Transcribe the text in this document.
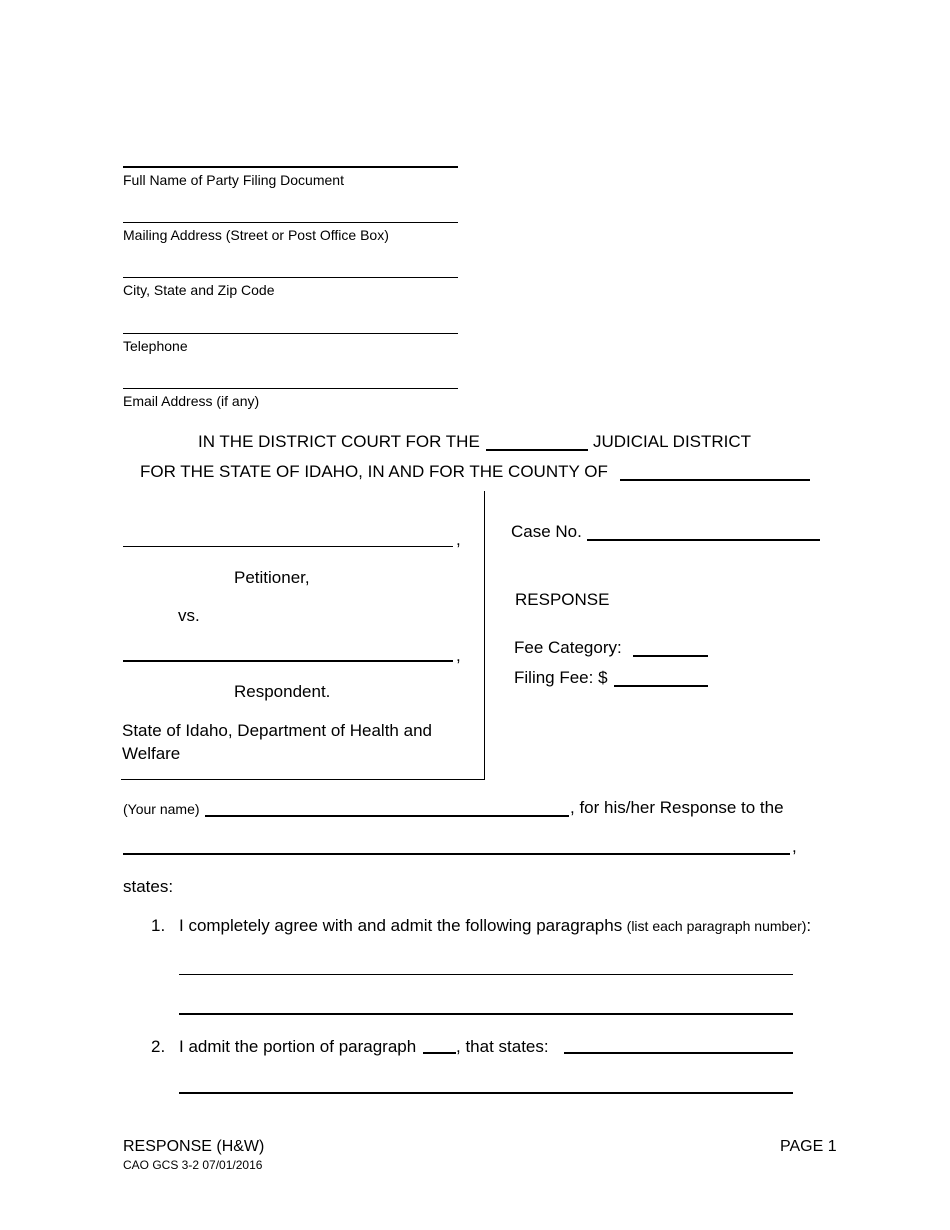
Full Name of Party Filing Document
Mailing Address (Street or Post Office Box)
City, State and Zip Code
Telephone
Email Address (if any)
IN THE DISTRICT COURT FOR THE	JUDICIAL DISTRICT
FOR THE STATE OF IDAHO, IN AND FOR THE COUNTY OF
,
Petitioner,
vs.
,
Respondent.
State of Idaho, Department of Health and Welfare
Case No.
RESPONSE
Fee Category:
Filing Fee: $
(Your name)	, for his/her Response to the
,
states:
1. I completely agree with and admit the following paragraphs (list each paragraph number):
2. I admit the portion of paragraph , that states:
RESPONSE (H&W)
CAO GCS 3-2 07/01/2016
PAGE 1
